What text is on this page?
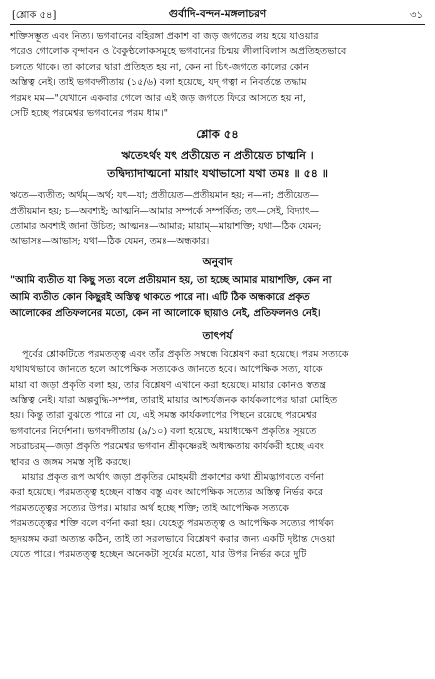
[শ্লোক ৫৪]	গুর্বাদি-বন্দন-মঙ্গলাচরণ	৩১

শক্তিসম্ভূত এবং নিত্য। ভগবানের বহিরঙ্গা প্রকাশ বা জড় জগতের লয় হয়ে যাওয়ার
পরেও গোলোক বৃন্দাবন ও বৈকুণ্ঠলোকসমূহে ভগবানের চিন্ময় লীলাবিলাস অপ্রতিহতভাবে
চলতে থাকে। তা কালের দ্বারা প্রতিহত হয় না, কেন না চিৎ-জগতে কালের কোন
অস্তিত্ব নেই। তাই ভগবদ্গীতায় (১৫/৬) বলা হয়েছে, যদ্‌ গত্বা ন নিবর্তন্তে তদ্ধাম
পরমং মম—"যেখানে একবার গেলে আর এই জড় জগতে ফিরে আসতে হয় না,
সেটি হচ্ছে পরমেশ্বর ভগবানের পরম ধাম।"

শ্লোক ৫৪

ঋতেঽর্থং যৎ প্রতীয়েত ন প্রতীয়েত চাত্মনি ।

তদ্বিদ্যাদাত্মনো মায়াং যথাভাসো যথা তমঃ ॥ ৫৪ ॥

ঋতে—ব্যতীত; অর্থম্‌—অর্থ; যৎ—যা; প্রতীয়েত—প্রতীয়মান হয়; ন—না; প্রতীয়েত—
প্রতীয়মান হয়; চ—অবশ্যই; আত্মনি—আমার সম্পর্কে সম্পর্কিত; তৎ—সেই, বিদ্যাৎ—
তোমার অবশ্যই জানা উচিত; আত্মনঃ—আমার; মায়াম্‌—মায়াশক্তি; যথা—ঠিক যেমন;
আভাসঃ—আভাস; যথা—ঠিক যেমন, তমঃ—অন্ধকার।

অনুবাদ

"আমি ব্যতীত যা কিছু সত্য বলে প্রতীয়মান হয়, তা হচ্ছে আমার মায়াশক্তি, কেন না
আমি ব্যতীত কোন কিছুরই অস্তিত্ব থাকতে পারে না। এটি ঠিক অন্ধকারে প্রকৃত
আলোকের প্রতিফলনের মতো, কেন না আলোকে ছায়াও নেই, প্রতিফলনও নেই।

তাৎপর্য

পূর্বের শ্লোকটিতে পরমতত্ত্ব এবং তাঁর প্রকৃতি সম্বন্ধে বিশ্লেষণ করা হয়েছে। পরম সত্যকে
যথাযথভাবে জানতে হলে আপেক্ষিক সত্যকেও জানতে হবে। আপেক্ষিক সত্য, যাকে
মায়া বা জড়া প্রকৃতি বলা হয়, তার বিশ্লেষণ এখানে করা হয়েছে। মায়ার কোনও স্বতন্ত্র
অস্তিত্ব নেই। যারা অল্পবুদ্ধি-সম্পন্ন, তারাই মায়ার আশ্চর্যজনক কার্যকলাপের দ্বারা মোহিত
হয়। কিন্তু তারা বুঝতে পারে না যে, এই সমস্ত কার্যকলাপের পিছনে রয়েছে পরমেশ্বর
ভগবানের নির্দেশনা। ভগবদ্গীতায় (৯/১০) বলা হয়েছে, ময়াধ্যক্ষেণ প্রকৃতিঃ সূয়তে
সচরাচরম্‌—জড়া প্রকৃতি পরমেশ্বর ভগবান শ্রীকৃষ্ণেরই অধ্যক্ষতায় কার্যকরী হচ্ছে এবং
স্থাবর ও জঙ্গম সমস্ত সৃষ্টি করছে।

মায়ার প্রকৃত রূপ অর্থাৎ জড়া প্রকৃতির মোহময়ী প্রকাশের কথা শ্রীমদ্ভাগবতে বর্ণনা
করা হয়েছে। পরমতত্ত্ব হচ্ছেন বাস্তব বস্তু এবং আপেক্ষিক সত্যের অস্তিত্ব নির্ভর করে
পরমতত্ত্বের সত্যের উপর। মায়ার অর্থ হচ্ছে শক্তি; তাই আপেক্ষিক সত্যকে
পরমতত্ত্বের শক্তি বলে বর্ণনা করা হয়। যেহেতু পরমতত্ত্ব ও আপেক্ষিক সত্যের পার্থক্য
হৃদয়ঙ্গম করা অত্যন্ত কঠিন, তাই তা সরলভাবে বিশ্লেষণ করার জন্য একটি দৃষ্টান্ত দেওয়া
যেতে পারে। পরমতত্ত্ব হচ্ছেন অনেকটা সূর্যের মতো, যার উপর নির্ভর করে দুটি
